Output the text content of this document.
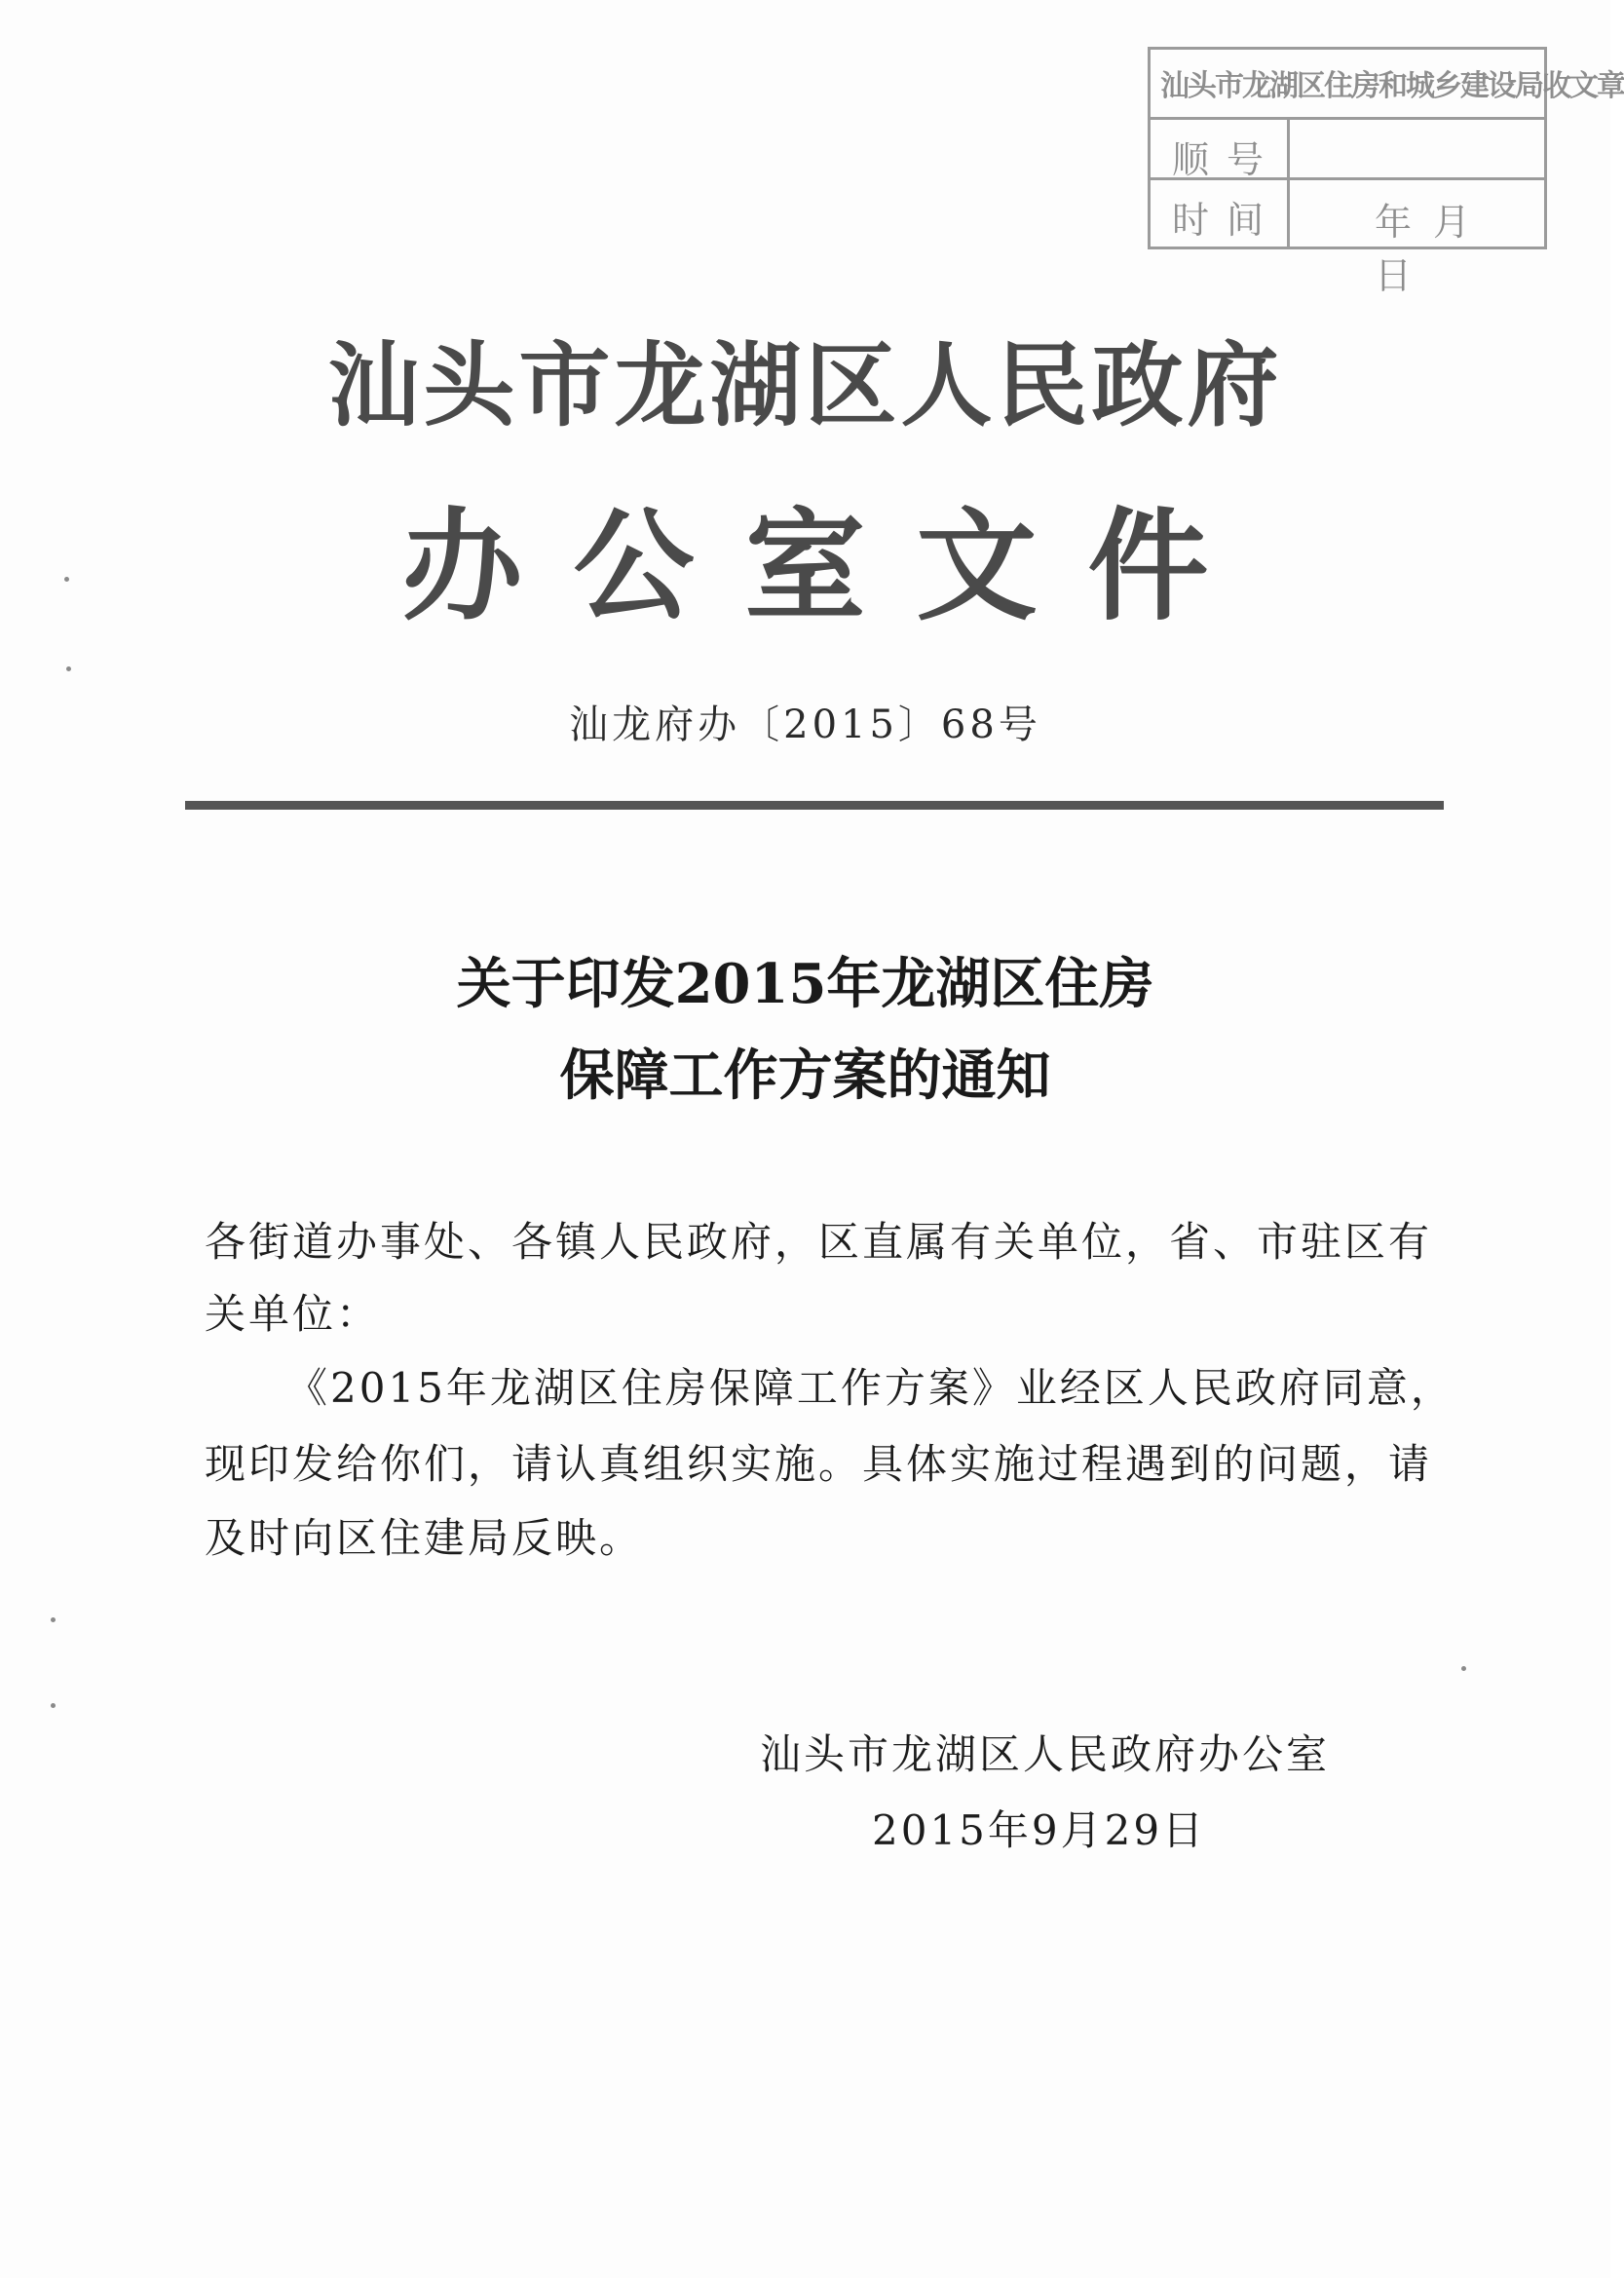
汕头市龙湖区住房和城乡建设局收文章
顺号
时间	年月日
汕头市龙湖区人民政府
办公室文件
汕龙府办〔2015〕68号
关于印发2015年龙湖区住房
保障工作方案的通知
各街道办事处、各镇人民政府，区直属有关单位，省、市驻区有
关单位：
《2015年龙湖区住房保障工作方案》业经区人民政府同意，
现印发给你们，请认真组织实施。具体实施过程遇到的问题，请
及时向区住建局反映。
汕头市龙湖区人民政府办公室
2015年9月29日
